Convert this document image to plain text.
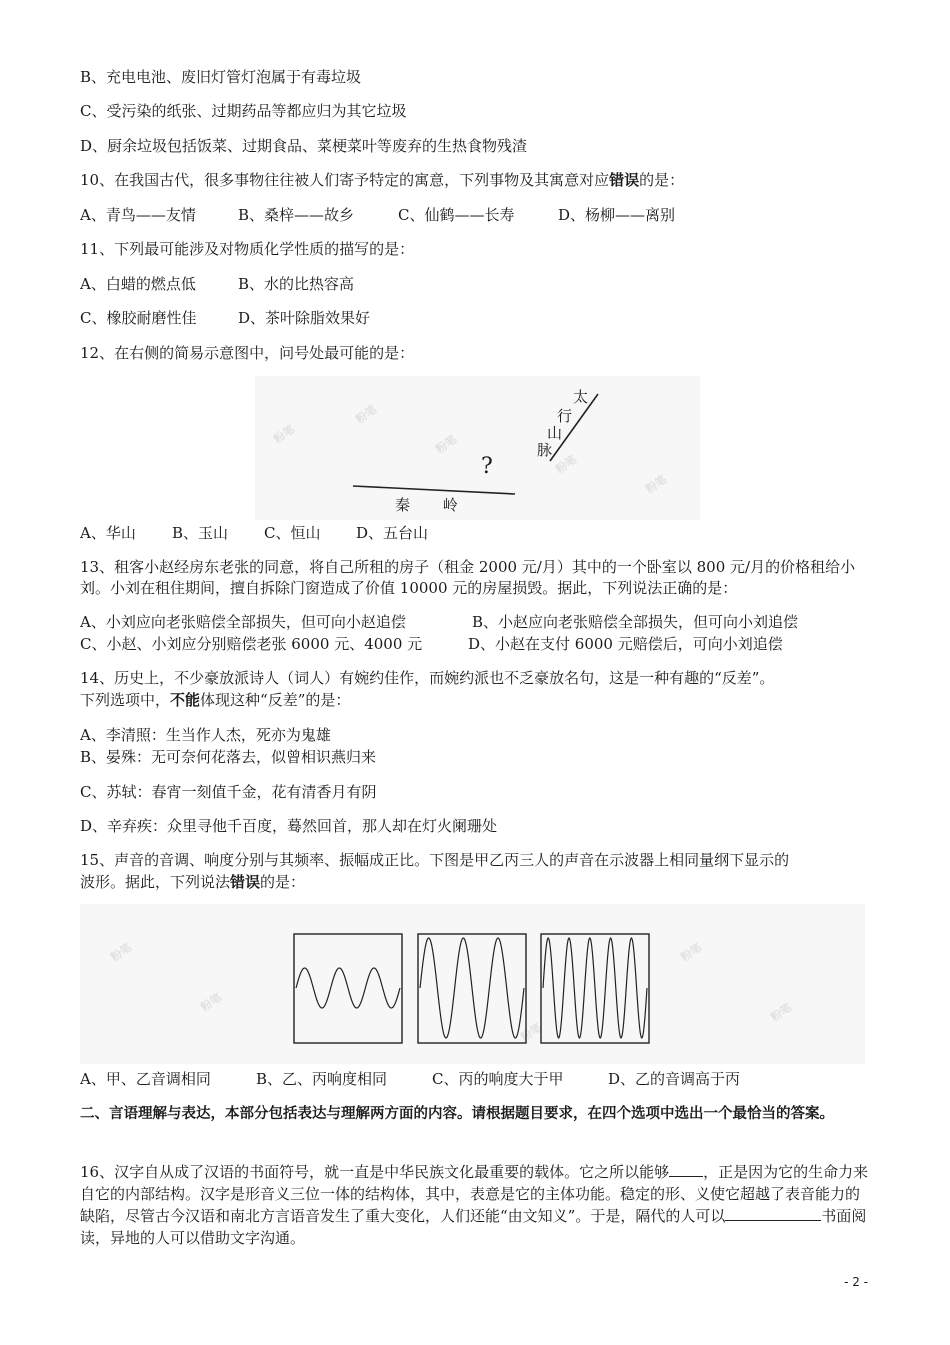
B、充电电池、废旧灯管灯泡属于有毒垃圾
C、受污染的纸张、过期药品等都应归为其它垃圾
D、厨余垃圾包括饭菜、过期食品、菜梗菜叶等废弃的生热食物残渣
10、在我国古代，很多事物往往被人们寄予特定的寓意，下列事物及其寓意对应错误的是：
A、青鸟——友情	B、桑梓——故乡	C、仙鹤——长寿	D、杨柳——离别
11、下列最可能涉及对物质化学性质的描写的是：
A、白蜡的燃点低	B、水的比热容高
C、橡胶耐磨性佳	D、茶叶除脂效果好
12、在右侧的简易示意图中，问号处最可能的是：
粉笔
粉笔
粉笔
粉笔
粉笔
太
行
山
脉
?
秦 岭
A、华山 B、玉山 C、恒山 D、五台山
13、租客小赵经房东老张的同意，将自己所租的房子（租金 2000 元/月）其中的一个卧室以 800 元/月的价格租给小刘。小刘在租住期间，擅自拆除门窗造成了价值 10000 元的房屋损毁。据此，下列说法正确的是：
A、小刘应向老张赔偿全部损失，但可向小赵追偿	B、小赵应向老张赔偿全部损失，但可向小刘追偿
C、小赵、小刘应分别赔偿老张 6000 元、4000 元	D、小赵在支付 6000 元赔偿后，可向小刘追偿
14、历史上，不少豪放派诗人（词人）有婉约佳作，而婉约派也不乏豪放名句，这是一种有趣的“反差”。
下列选项中，不能体现这种“反差”的是：
A、李清照：生当作人杰，死亦为鬼雄
B、晏殊：无可奈何花落去，似曾相识燕归来
C、苏轼：春宵一刻值千金，花有清香月有阴
D、辛弃疾：众里寻他千百度，蓦然回首，那人却在灯火阑珊处
15、声音的音调、响度分别与其频率、振幅成正比。下图是甲乙丙三人的声音在示波器上相同量纲下显示的
波形。据此，下列说法错误的是：
粉笔
粉笔
粉笔
粉笔
粉笔
A、甲、乙音调相同	B、乙、丙响度相同	C、丙的响度大于甲	D、乙的音调高于丙
二、言语理解与表达，本部分包括表达与理解两方面的内容。请根据题目要求，在四个选项中选出一个最恰当的答案。
16、汉字自从成了汉语的书面符号，就一直是中华民族文化最重要的载体。它之所以能够 ，正是因为它的生命力来自它的内部结构。汉字是形音义三位一体的结构体，其中，表意是它的主体功能。稳定的形、义使它超越了表音能力的缺陷，尽管古今汉语和南北方言语音发生了重大变化，人们还能“由文知义”。于是，隔代的人可以	书面阅读，异地的人可以借助文字沟通。
- 2 -
